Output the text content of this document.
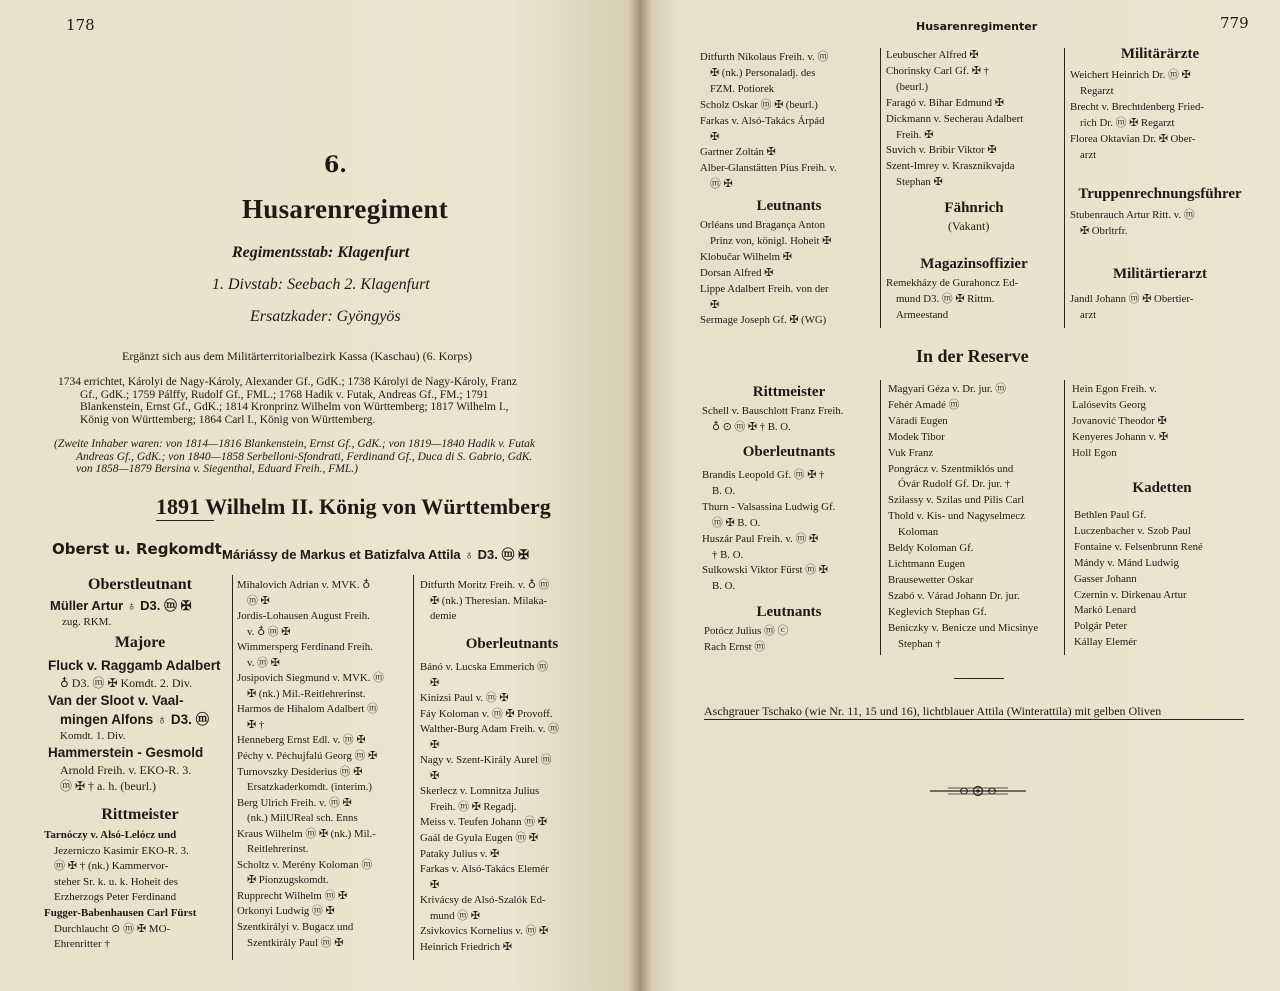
178
6.
Husarenregiment
Regimentsstab: Klagenfurt
1. Divstab: Seebach 2. Klagenfurt
Ersatzkader: Gyöngyös
Ergänzt sich aus dem Militärterritorialbezirk Kassa (Kaschau) (6. Korps)
1734 errichtet, Károlyi de Nagy-Károly, Alexander Gf., GdK.; 1738 Károlyi de Nagy-Károly, Franz
Gf., GdK.; 1759 Pálffy, Rudolf Gf., FML.; 1768 Hadik v. Futak, Andreas Gf., FM.; 1791
Blankenstein, Ernst Gf., GdK.; 1814 Kronprinz Wilhelm von Württemberg; 1817 Wilhelm I.,
König von Württemberg; 1864 Carl I., König von Württemberg.
(Zweite Inhaber waren: von 1814—1816 Blankenstein, Ernst Gf., GdK.; von 1819—1840 Hadik v. Futak
Andreas Gf., GdK.; von 1840—1858 Serbelloni-Sfondrati, Ferdinand Gf., Duca di S. Gabrio, GdK.
von 1858—1879 Bersina v. Siegenthal, Eduard Freih., FML.)
1891 Wilhelm II. König von Württemberg
Oberst u. Regkomdt.
Máriássy de Markus et Batizfalva Attila ♁ D3. ⓜ ✠
Oberstleutnant

Müller Artur ♁ D3. ⓜ ✠

zug. RKM.

Majore

Fluck v. Raggamb Adalbert

♁ D3. ⓜ ✠ Komdt. 2. Div.

Van der Sloot v. Vaal-

mingen Alfons ♁ D3. ⓜ

Komdt. 1. Div.

Hammerstein - Gesmold

Arnold Freih. v. EKO-R. 3.

ⓜ ✠ † a. h. (beurl.)

Rittmeister

Tarnóczy v. Alsó-Lelócz und

Jezerniczo Kasimir EKO-R. 3.

ⓜ ✠ † (nk.) Kammervor-

steher Sr. k. u. k. Hoheit des

Erzherzogs Peter Ferdinand

Fugger-Babenhausen Carl Fürst

Durchlaucht ⊙ ⓜ ✠ MO-

Ehrenritter †

Mihalovich Adrian v. MVK. ♁

ⓜ ✠

Jordis-Lohausen August Freih.

v. ♁ ⓜ ✠

Wimmersperg Ferdinand Freih.

v. ⓜ ✠

Josipovich Siegmund v. MVK. ⓜ

✠ (nk.) Mil.-Reitlehrerinst.

Harmos de Hihalom Adalbert ⓜ

✠ †

Henneberg Ernst Edl. v. ⓜ ✠

Péchy v. Péchujfalú Georg ⓜ ✠

Turnovszky Desiderius ⓜ ✠

Ersatzkaderkomdt. (interim.)

Berg Ulrich Freih. v. ⓜ ✠

(nk.) MilUReal sch. Enns

Kraus Wilhelm ⓜ ✠ (nk.) Mil.-

Reitlehrerinst.

Scholtz v. Merény Koloman ⓜ

✠ Pionzugskomdt.

Rupprecht Wilhelm ⓜ ✠

Orkonyi Ludwig ⓜ ✠

Szentkirályi v. Bugacz und

Szentkirály Paul ⓜ ✠

Ditfurth Moritz Freih. v. ♁ ⓜ

✠ (nk.) Theresian. Milaka-

demie

Oberleutnants

Bánó v. Lucska Emmerich ⓜ

✠

Kinizsi Paul v. ⓜ ✠

Fáy Koloman v. ⓜ ✠ Provoff.

Walther-Burg Adam Freih. v. ⓜ

✠

Nagy v. Szent-Király Aurel ⓜ

✠

Skerlecz v. Lomnitza Julius

Freih. ⓜ ✠ Regadj.

Meiss v. Teufen Johann ⓜ ✠

Gaál de Gyula Eugen ⓜ ✠

Pataky Julius v. ✠

Farkas v. Alsó-Takács Elemér

✠

Krivácsy de Alsó-Szalók Ed-

mund ⓜ ✠

Zsivkovics Kornelius v. ⓜ ✠

Heinrich Friedrich ✠

Husarenregimenter	779

Ditfurth Nikolaus Freih. v. ⓜ

✠ (nk.) Personaladj. des

FZM. Potiorek

Scholz Oskar ⓜ ✠ (beurl.)

Farkas v. Alsó-Takács Árpád

✠

Gartner Zoltán ✠

Alber-Glanstätten Pius Freih. v.

ⓜ ✠

Leutnants

Orléans und Bragança Anton

Prinz von, königl. Hoheit ✠

Klobučar Wilhelm ✠

Dorsan Alfred ✠

Lippe Adalbert Freih. von der

✠

Sermage Joseph Gf. ✠ (WG)

Leubuscher Alfred ✠

Chorinsky Carl Gf. ✠ †

(beurl.)

Faragó v. Bihar Edmund ✠

Dickmann v. Secherau Adalbert

Freih. ✠

Suvich v. Bribir Viktor ✠

Szent-Imrey v. Krasznikvajda

Stephan ✠

Fähnrich
(Vakant)
Magazinsoffizier

Remekházy de Gurahoncz Ed-

mund D3. ⓜ ✠ Rittm.

Armeestand

Militärärzte

Weichert Heinrich Dr. ⓜ ✠

Regarzt

Brecht v. Brechtdenberg Fried-

rich Dr. ⓜ ✠ Regarzt

Florea Oktavian Dr. ✠ Ober-

arzt

Truppenrechnungsführer

Stubenrauch Artur Ritt. v. ⓜ

✠ Obrltrfr.

Militärtierarzt

Jandl Johann ⓜ ✠ Obertier-

arzt

In der Reserve
Rittmeister

Schell v. Bauschlott Franz Freih.

♁ ⊙ ⓜ ✠ † B. O.

Oberleutnants

Brandis Leopold Gf. ⓜ ✠ †

B. O.

Thurn - Valsassina Ludwig Gf.

ⓜ ✠ B. O.

Huszár Paul Freih. v. ⓜ ✠

† B. O.

Sulkowski Viktor Fürst ⓜ ✠

B. O.

Leutnants

Potócz Julius ⓜ ⓒ

Rach Ernst ⓜ

Magyari Géza v. Dr. jur. ⓜ

Fehér Amadé ⓜ

Váradi Eugen

Modek Tibor

Vuk Franz

Pongrácz v. Szentmiklós und

Óvár Rudolf Gf. Dr. jur. †

Szilassy v. Szilas und Pilis Carl

Thold v. Kis- und Nagyselmecz

Koloman

Beldy Koloman Gf.

Lichtmann Eugen

Brausewetter Oskar

Szabó v. Várad Johann Dr. jur.

Keglevich Stephan Gf.

Beniczky v. Benicze und Micsinye

Stephan †

Hein Egon Freih. v.

Lalósevits Georg

Jovanović Theodor ✠

Kenyeres Johann v. ✠

Holl Egon

Kadetten

Bethlen Paul Gf.

Luczenbacher v. Szob Paul

Fontaine v. Felsenbrunn René

Mándy v. Mánd Ludwig

Gasser Johann

Czernin v. Dirkenau Artur

Markó Lenard

Polgár Peter

Kállay Elemér

Aschgrauer Tschako (wie Nr. 11, 15 und 16), lichtblauer Attila (Winterattila) mit gelben Oliven
